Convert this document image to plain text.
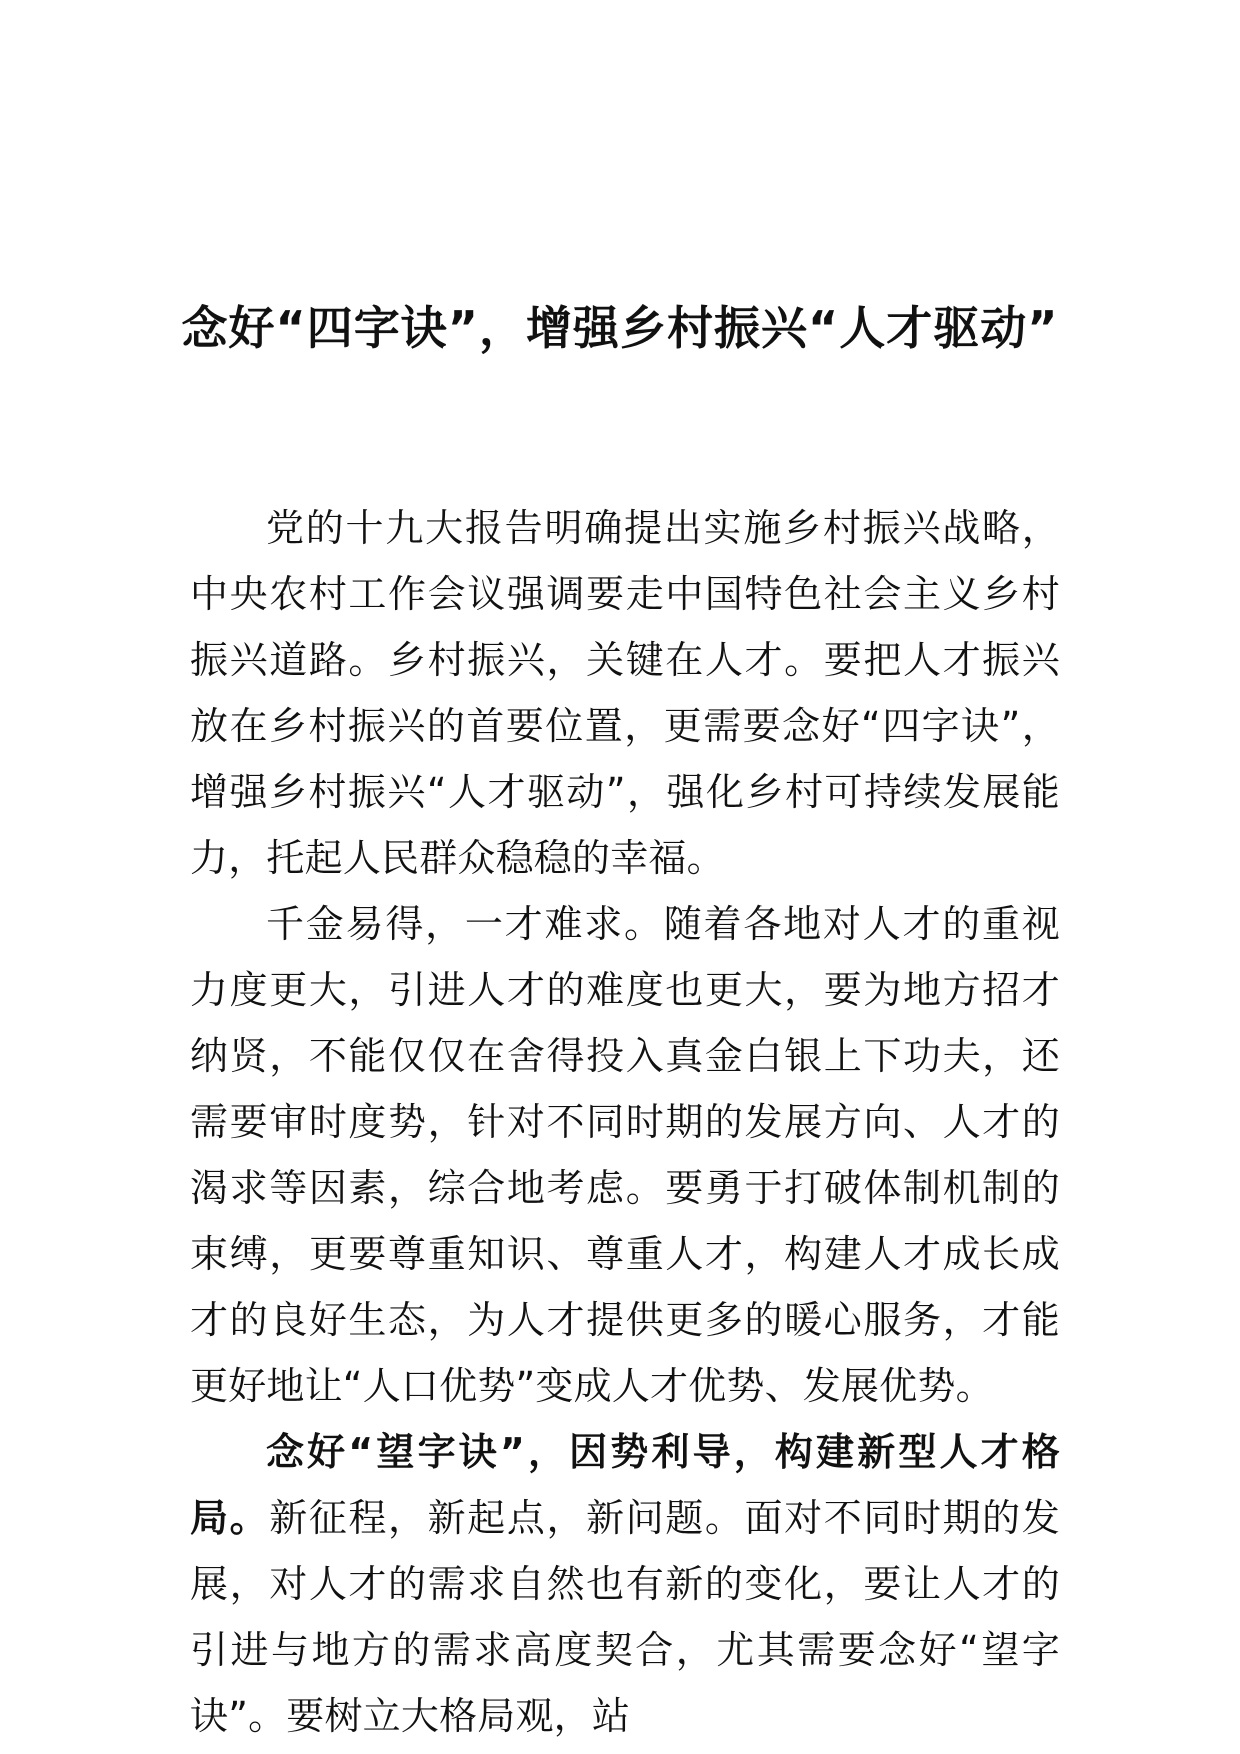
念好“四字诀”，增强乡村振兴“人才驱动”

党的十九大报告明确提出实施乡村振兴战略，中央农村工作会议强调要走中国特色社会主义乡村振兴道路。乡村振兴，关键在人才。要把人才振兴放在乡村振兴的首要位置，更需要念好“四字诀”，增强乡村振兴“人才驱动”，强化乡村可持续发展能力，托起人民群众稳稳的幸福。

千金易得，一才难求。随着各地对人才的重视力度更大，引进人才的难度也更大，要为地方招才纳贤，不能仅仅在舍得投入真金白银上下功夫，还需要审时度势，针对不同时期的发展方向、人才的渴求等因素，综合地考虑。要勇于打破体制机制的束缚，更要尊重知识、尊重人才，构建人才成长成才的良好生态，为人才提供更多的暖心服务，才能更好地让“人口优势”变成人才优势、发展优势。

念好“望字诀”，因势利导，构建新型人才格局。新征程，新起点，新问题。面对不同时期的发展，对人才的需求自然也有新的变化，要让人才的引进与地方的需求高度契合，尤其需要念好“望字诀”。要树立大格局观，站
